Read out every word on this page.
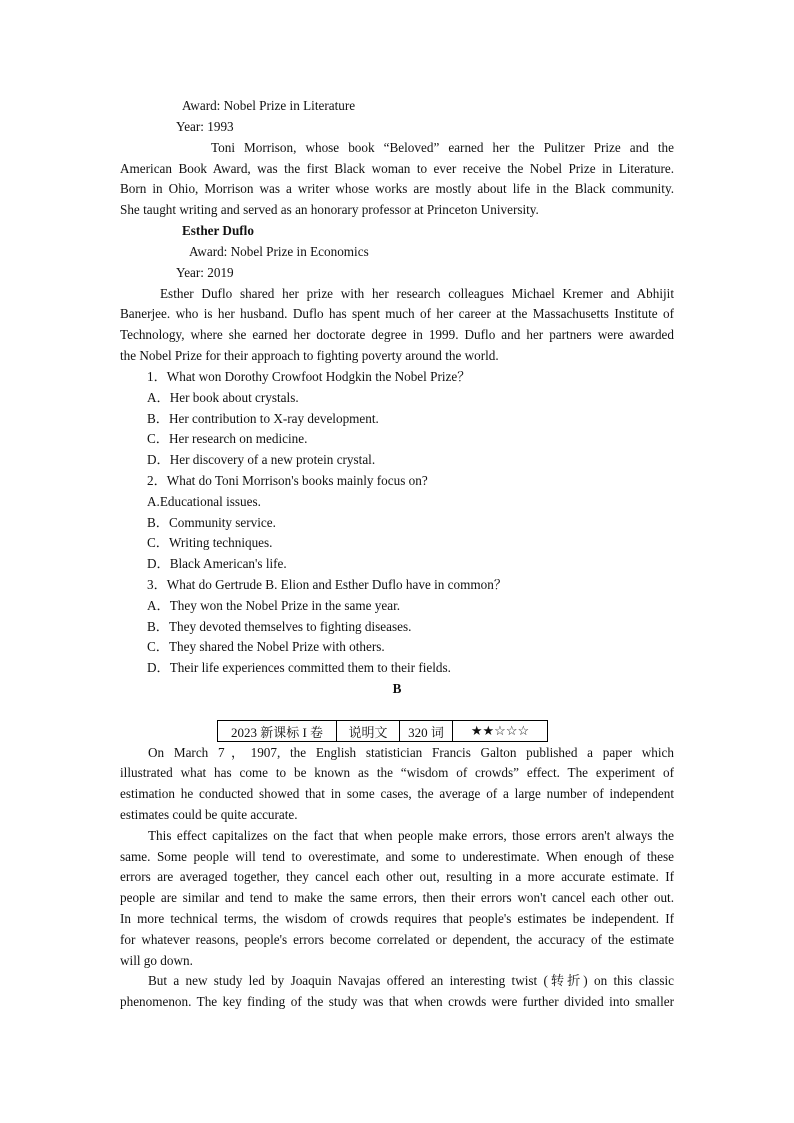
Award: Nobel Prize in Literature
Year: 1993
Toni Morrison, whose book “Beloved” earned her the Pulitzer Prize and the
American Book Award, was the first Black woman to ever receive the Nobel Prize in Literature.
Born in Ohio, Morrison was a writer whose works are mostly about life in the Black community.
She taught writing and served as an honorary professor at Princeton University.
Esther Duflo
Award: Nobel Prize in Economics
Year: 2019
Esther Duflo shared her prize with her research colleagues Michael Kremer and Abhijit
Banerjee. who is her husband. Duflo has spent much of her career at the Massachusetts Institute of
Technology, where she earned her doctorate degree in 1999. Duflo and her partners were awarded
the Nobel Prize for their approach to fighting poverty around the world.
1．What won Dorothy Crowfoot Hodgkin the Nobel Prize？
A．Her book about crystals.
B．Her contribution to X-ray development.
C．Her research on medicine.
D．Her discovery of a new protein crystal.
2．What do Toni Morrison's books mainly focus on?
A.Educational issues.
B．Community service.
C．Writing techniques.
D．Black American's life.
3．What do Gertrude B. Elion and Esther Duflo have in common？
A．They won the Nobel Prize in the same year.
B．They devoted themselves to fighting diseases.
C．They shared the Nobel Prize with others.
D．Their life experiences committed them to their fields.
B
2023 新课标 I 卷	说明文	320 词	★★☆☆☆
On March 7，1907, the English statistician Francis Galton published a paper which
illustrated what has come to be known as the “wisdom of crowds” effect. The experiment of
estimation he conducted showed that in some cases, the average of a large number of independent
estimates could be quite accurate.
This effect capitalizes on the fact that when people make errors, those errors aren't always the
same. Some people will tend to overestimate, and some to underestimate. When enough of these
errors are averaged together, they cancel each other out, resulting in a more accurate estimate. If
people are similar and tend to make the same errors, then their errors won't cancel each other out.
In more technical terms, the wisdom of crowds requires that people's estimates be independent. If
for whatever reasons, people's errors become correlated or dependent, the accuracy of the estimate
will go down.
But a new study led by Joaquin Navajas offered an interesting twist (转折) on this classic
phenomenon. The key finding of the study was that when crowds were further divided into smaller
